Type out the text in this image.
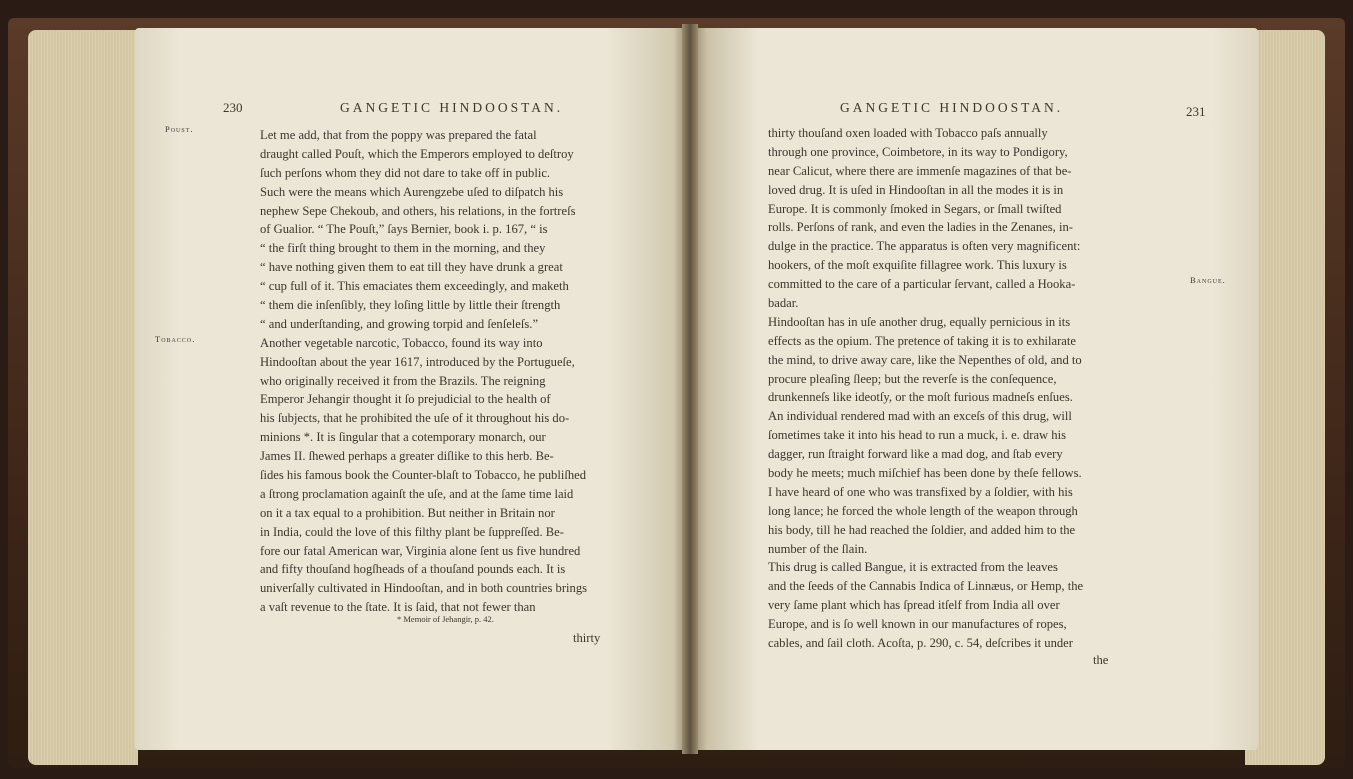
230	GANGETIC HINDOOSTAN.
Poust.
Tobacco.
Let me add, that from the poppy was prepared the fatal
draught called Pouſt, which the Emperors employed to deſtroy
ſuch perſons whom they did not dare to take off in public.
Such were the means which Aurengzebe uſed to diſpatch his
nephew Sepe Chekoub, and others, his relations, in the fortreſs
of Gualior. “ The Pouſt,” ſays Bernier, book i. p. 167, “ is
“ the firſt thing brought to them in the morning, and they
“ have nothing given them to eat till they have drunk a great
“ cup full of it. This emaciates them exceedingly, and maketh
“ them die inſenſibly, they loſing little by little their ſtrength
“ and underſtanding, and growing torpid and ſenſeleſs.”
Another vegetable narcotic, Tobacco, found its way into
Hindooſtan about the year 1617, introduced by the Portugueſe,
who originally received it from the Brazils. The reigning
Emperor Jehangir thought it ſo prejudicial to the health of
his ſubjects, that he prohibited the uſe of it throughout his do-
minions *. It is ſingular that a cotemporary monarch, our
James II. ſhewed perhaps a greater diſlike to this herb. Be-
ſides his famous book the Counter-blaſt to Tobacco, he publiſhed
a ſtrong proclamation againſt the uſe, and at the ſame time laid
on it a tax equal to a prohibition. But neither in Britain nor
in India, could the love of this filthy plant be ſuppreſſed. Be-
fore our fatal American war, Virginia alone ſent us five hundred
and fifty thouſand hogſheads of a thouſand pounds each. It is
univerſally cultivated in Hindooſtan, and in both countries brings
a vaſt revenue to the ſtate. It is ſaid, that not fewer than
* Memoir of Jehangir, p. 42.
thirty
GANGETIC HINDOOSTAN.	231
Bangue.
thirty thouſand oxen loaded with Tobacco paſs annually
through one province, Coimbetore, in its way to Pondigory,
near Calicut, where there are immenſe magazines of that be-
loved drug. It is uſed in Hindooſtan in all the modes it is in
Europe. It is commonly ſmoked in Segars, or ſmall twiſted
rolls. Perſons of rank, and even the ladies in the Zenanes, in-
dulge in the practice. The apparatus is often very magnificent:
hookers, of the moſt exquiſite fillagree work. This luxury is
committed to the care of a particular ſervant, called a Hooka-
badar.
Hindooſtan has in uſe another drug, equally pernicious in its
effects as the opium. The pretence of taking it is to exhilarate
the mind, to drive away care, like the Nepenthes of old, and to
procure pleaſing ſleep; but the reverſe is the conſequence,
drunkenneſs like ideotſy, or the moſt furious madneſs enſues.
An individual rendered mad with an exceſs of this drug, will
ſometimes take it into his head to run a muck, i. e. draw his
dagger, run ſtraight forward like a mad dog, and ſtab every
body he meets; much miſchief has been done by theſe fellows.
I have heard of one who was transfixed by a ſoldier, with his
long lance; he forced the whole length of the weapon through
his body, till he had reached the ſoldier, and added him to the
number of the ſlain.
This drug is called Bangue, it is extracted from the leaves
and the ſeeds of the Cannabis Indica of Linnæus, or Hemp, the
very ſame plant which has ſpread itſelf from India all over
Europe, and is ſo well known in our manufactures of ropes,
cables, and ſail cloth. Acoſta, p. 290, c. 54, deſcribes it under
the
